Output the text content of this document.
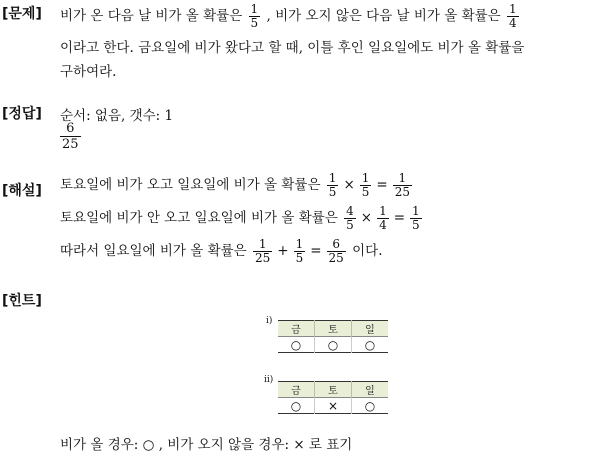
[문제] 비가 온 다음 날 비가 올 확률은 $\frac{1}{5}$ , 비가 오지 않은 다음 날 비가 올 확률은 $\frac{1}{4}$
이라고 한다. 금요일에 비가 왔다고 할 때, 이틀 후인 일요일에도 비가 올 확률을
구하여라.
[정답] 순서: 없음, 갯수: 1
$\frac{6}{25}$
[해설] 토요일에 비가 오고 일요일에 비가 올 확률은 $\frac{1}{5} \times \frac{1}{5} = \frac{1}{25}$
토요일에 비가 안 오고 일요일에 비가 올 확률은 $\frac{4}{5} \times \frac{1}{4} = \frac{1}{5}$
따라서 일요일에 비가 올 확률은 $\frac{1}{25} + \frac{1}{5} = \frac{6}{25}$ 이다.
[힌트]
i)
금	토	일
○	○	○
ii)
금	토	일
○	×	○
비가 올 경우: ○ , 비가 오지 않을 경우: × 로 표기
